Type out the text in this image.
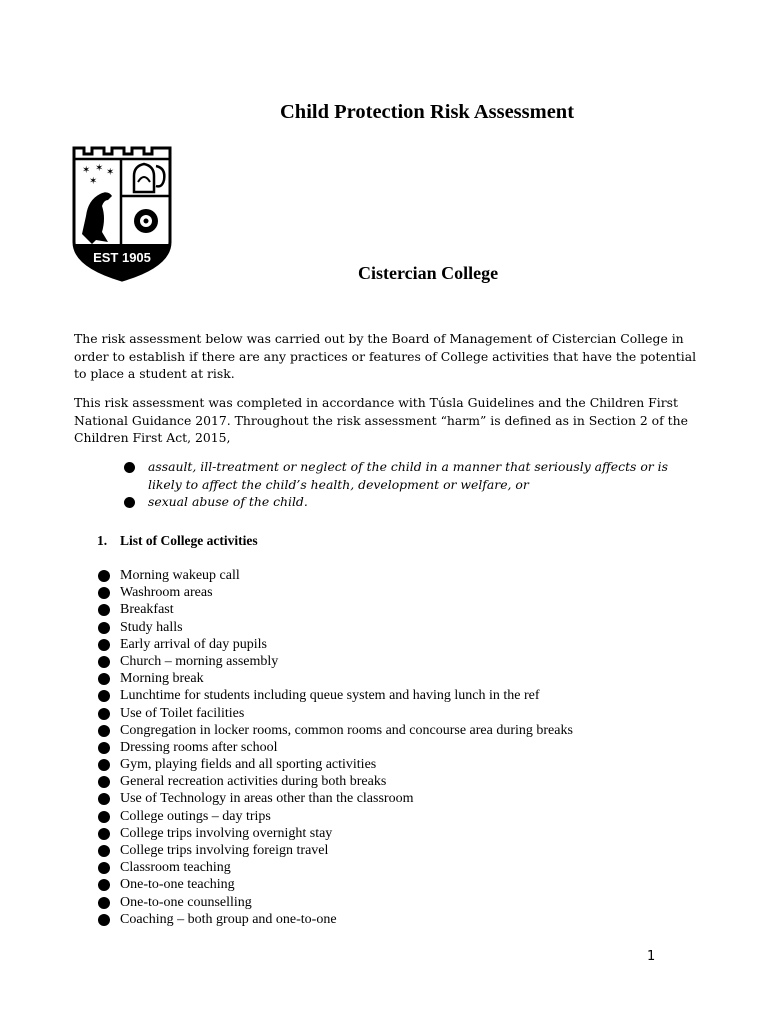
Child Protection Risk Assessment
✶ ✶ ✶
✶
EST 1905
Cistercian College

The risk assessment below was carried out by the Board of Management of Cistercian College in order to establish if there are any practices or features of College activities that have the potential to place a student at risk.

This risk assessment was completed in accordance with Túsla Guidelines and the Children First National Guidance 2017. Throughout the risk assessment “harm” is defined as in Section 2 of the Children First Act, 2015,

assault, ill-treatment or neglect of the child in a manner that seriously affects or is likely to affect the child’s health, development or welfare, or
sexual abuse of the child.
1. List of College activities
Morning wakeup call
Washroom areas
Breakfast
Study halls
Early arrival of day pupils
Church – morning assembly
Morning break
Lunchtime for students including queue system and having lunch in the ref
Use of Toilet facilities
Congregation in locker rooms, common rooms and concourse area during breaks
Dressing rooms after school
Gym, playing fields and all sporting activities
General recreation activities during both breaks
Use of Technology in areas other than the classroom
College outings – day trips
College trips involving overnight stay
College trips involving foreign travel
Classroom teaching
One-to-one teaching
One-to-one counselling
Coaching – both group and one-to-one
1
